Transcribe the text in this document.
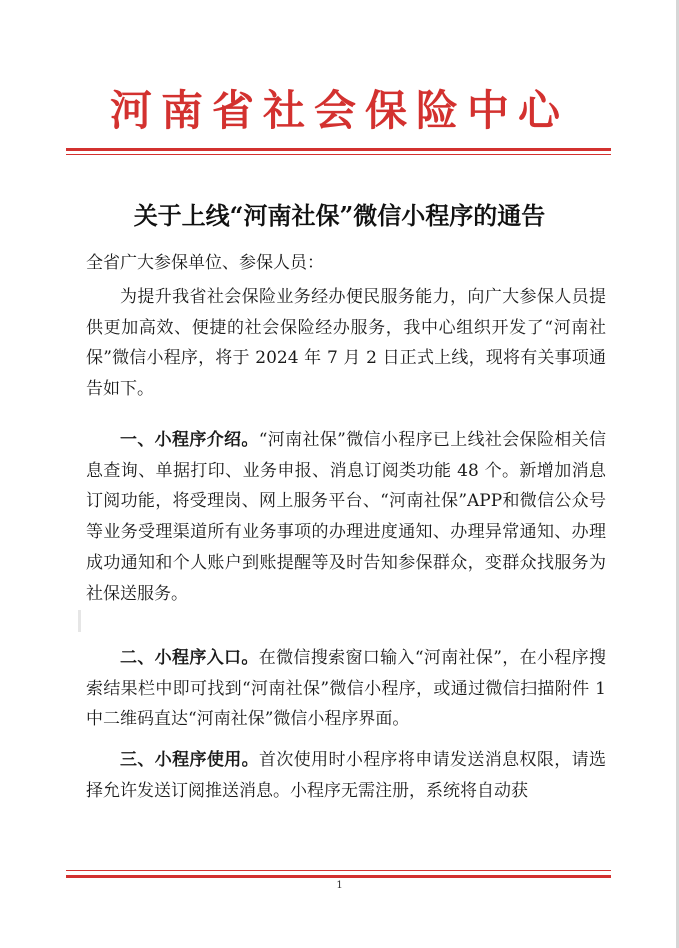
河南省社会保险中心
关于上线“河南社保”微信小程序的通告
全省广大参保单位、参保人员：

为提升我省社会保险业务经办便民服务能力，向广大参保人员提供更加高效、便捷的社会保险经办服务，我中心组织开发了“河南社保”微信小程序，将于 2024 年 7 月 2 日正式上线，现将有关事项通告如下。

一、小程序介绍。“河南社保”微信小程序已上线社会保险相关信息查询、单据打印、业务申报、消息订阅类功能 48 个。新增加消息订阅功能，将受理岗、网上服务平台、“河南社保”APP和微信公众号等业务受理渠道所有业务事项的办理进度通知、办理异常通知、办理成功通知和个人账户到账提醒等及时告知参保群众，变群众找服务为社保送服务。

二、小程序入口。在微信搜索窗口输入“河南社保”，在小程序搜索结果栏中即可找到“河南社保”微信小程序，或通过微信扫描附件 1 中二维码直达“河南社保”微信小程序界面。

三、小程序使用。首次使用时小程序将申请发送消息权限，请选择允许发送订阅推送消息。小程序无需注册，系统将自动获

1
